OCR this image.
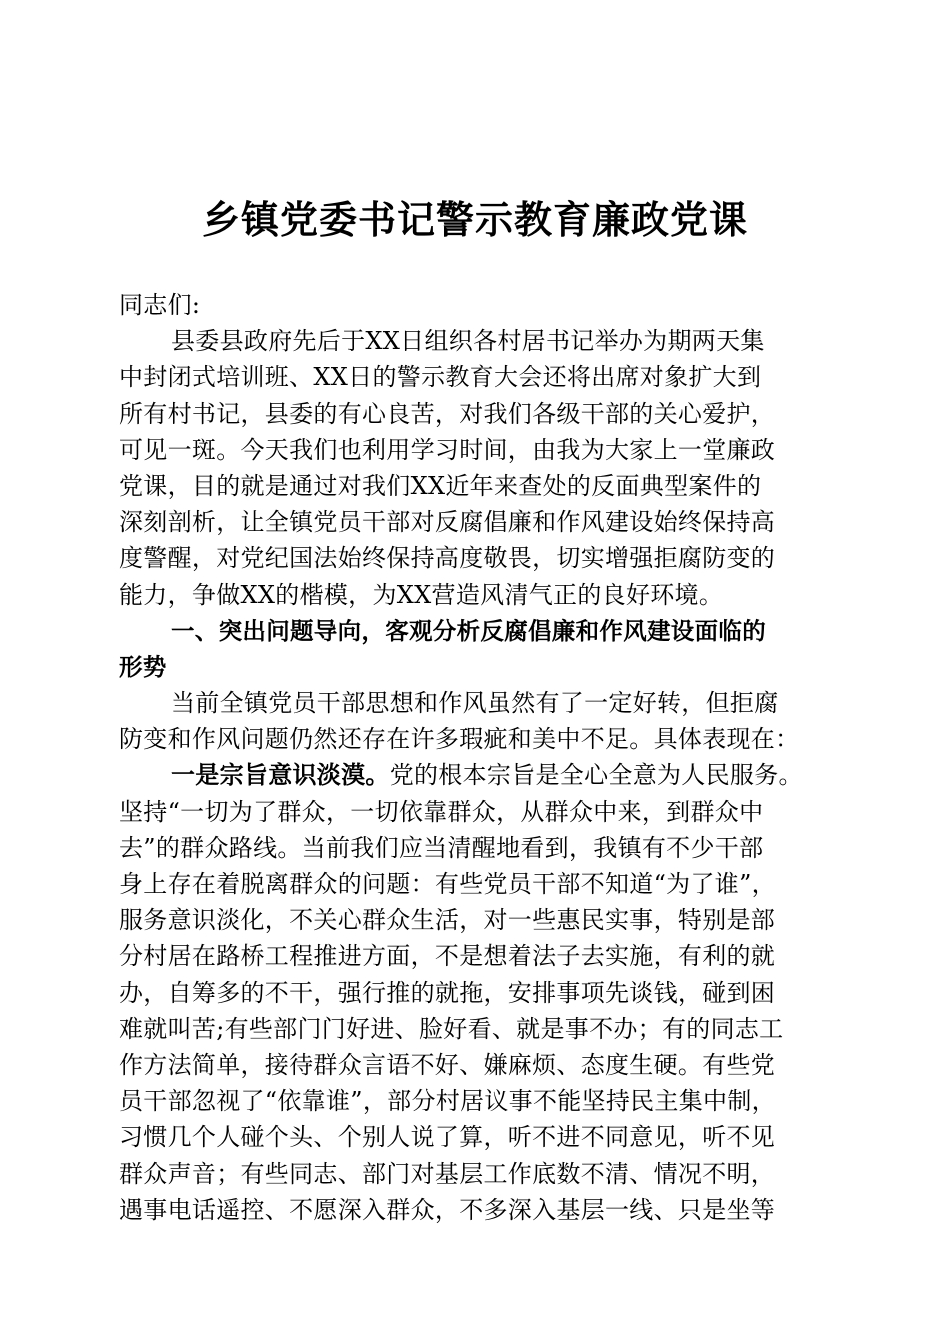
乡镇党委书记警示教育廉政党课
同志们:
县委县政府先后于XX日组织各村居书记举办为期两天集
中封闭式培训班、XX日的警示教育大会还将出席对象扩大到
所有村书记，县委的有心良苦，对我们各级干部的关心爱护，
可见一斑。今天我们也利用学习时间，由我为大家上一堂廉政
党课，目的就是通过对我们XX近年来查处的反面典型案件的
深刻剖析，让全镇党员干部对反腐倡廉和作风建设始终保持高
度警醒，对党纪国法始终保持高度敬畏，切实增强拒腐防变的
能力，争做XX的楷模，为XX营造风清气正的良好环境。
一、突出问题导向，客观分析反腐倡廉和作风建设面临的
形势
当前全镇党员干部思想和作风虽然有了一定好转，但拒腐
防变和作风问题仍然还存在许多瑕疵和美中不足。具体表现在：
一是宗旨意识淡漠。党的根本宗旨是全心全意为人民服务。
坚持“一切为了群众，一切依靠群众，从群众中来，到群众中
去”的群众路线。当前我们应当清醒地看到，我镇有不少干部
身上存在着脱离群众的问题：有些党员干部不知道“为了谁”，
服务意识淡化，不关心群众生活，对一些惠民实事，特别是部
分村居在路桥工程推进方面，不是想着法子去实施，有利的就
办，自筹多的不干，强行推的就拖，安排事项先谈钱，碰到困
难就叫苦;有些部门门好进、脸好看、就是事不办；有的同志工
作方法简单，接待群众言语不好、嫌麻烦、态度生硬。有些党
员干部忽视了“依靠谁”，部分村居议事不能坚持民主集中制，
习惯几个人碰个头、个别人说了算，听不进不同意见，听不见
群众声音；有些同志、部门对基层工作底数不清、情况不明，
遇事电话遥控、不愿深入群众，不多深入基层一线、只是坐等
